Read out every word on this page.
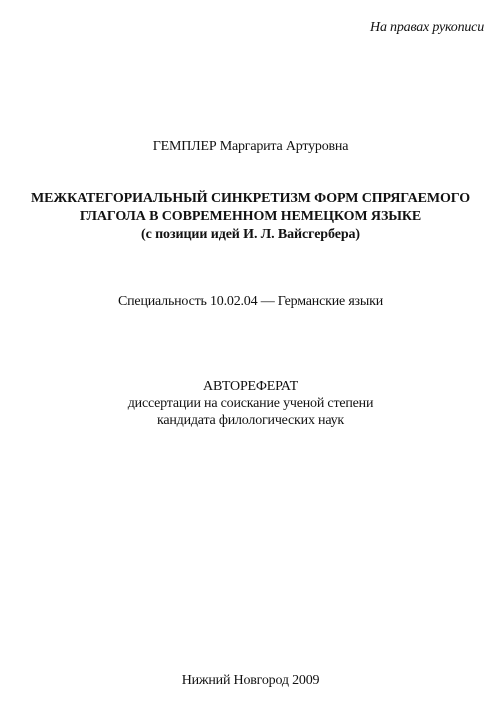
На правах рукописи
ГЕМПЛЕР Маргарита Артуровна
МЕЖКАТЕГОРИАЛЬНЫЙ СИНКРЕТИЗМ ФОРМ СПРЯГАЕМОГО
ГЛАГОЛА В СОВРЕМЕННОМ НЕМЕЦКОМ ЯЗЫКЕ
(с позиции идей И. Л. Вайсгербера)
Специальность 10.02.04 — Германские языки
АВТОРЕФЕРАТ
диссертации на соискание ученой степени
кандидата филологических наук
Нижний Новгород 2009
